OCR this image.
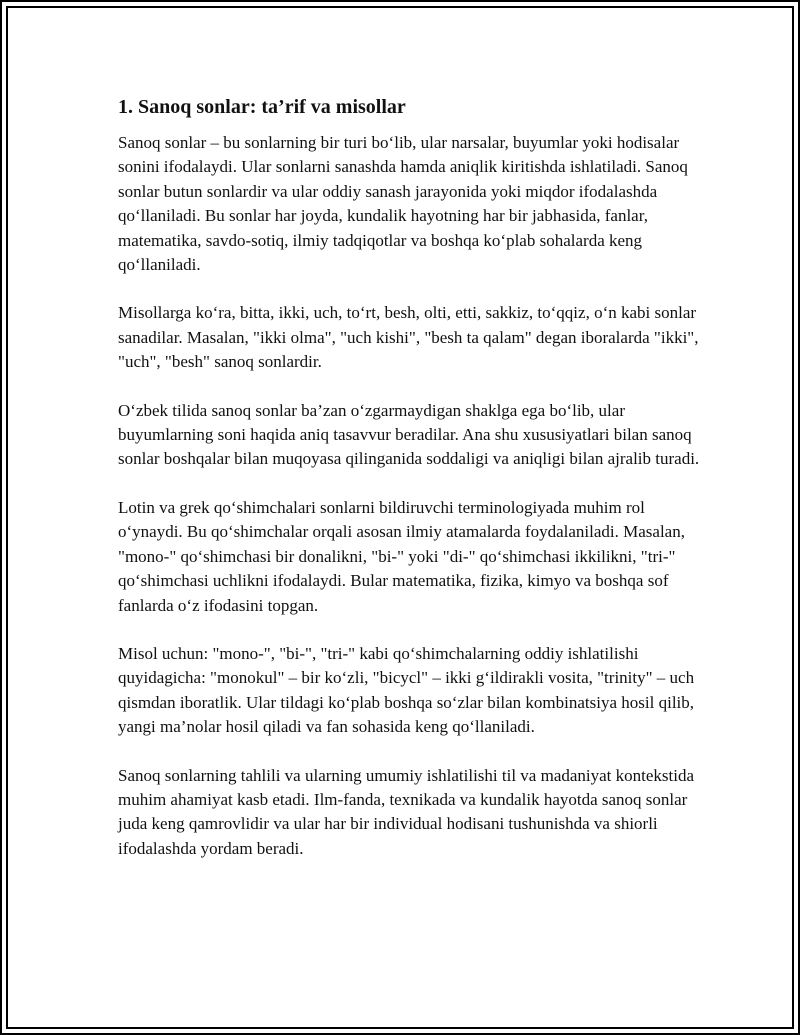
1. Sanoq sonlar: ta’rif va misollar

Sanoq sonlar – bu sonlarning bir turi bo‘lib, ular narsalar, buyumlar yoki hodisalar sonini ifodalaydi. Ular sonlarni sanashda hamda aniqlik kiritishda ishlatiladi. Sanoq sonlar butun sonlardir va ular oddiy sanash jarayonida yoki miqdor ifodalashda qo‘llaniladi. Bu sonlar har joyda, kundalik hayotning har bir jabhasida, fanlar, matematika, savdo-sotiq, ilmiy tadqiqotlar va boshqa ko‘plab sohalarda keng qo‘llaniladi.

Misollarga ko‘ra, bitta, ikki, uch, to‘rt, besh, olti, etti, sakkiz, to‘qqiz, o‘n kabi sonlar sanadilar. Masalan, "ikki olma", "uch kishi", "besh ta qalam" degan iboralarda "ikki", "uch", "besh" sanoq sonlardir.

O‘zbek tilida sanoq sonlar ba’zan o‘zgarmaydigan shaklga ega bo‘lib, ular buyumlarning soni haqida aniq tasavvur beradilar. Ana shu xususiyatlari bilan sanoq sonlar boshqalar bilan muqoyasa qilinganida soddaligi va aniqligi bilan ajralib turadi.

Lotin va grek qo‘shimchalari sonlarni bildiruvchi terminologiyada muhim rol o‘ynaydi. Bu qo‘shimchalar orqali asosan ilmiy atamalarda foydalaniladi. Masalan, "mono-" qo‘shimchasi bir donalikni, "bi-" yoki "di-" qo‘shimchasi ikkilikni, "tri-" qo‘shimchasi uchlikni ifodalaydi. Bular matematika, fizika, kimyo va boshqa sof fanlarda o‘z ifodasini topgan.

Misol uchun: "mono-", "bi-", "tri-" kabi qo‘shimchalarning oddiy ishlatilishi quyidagicha: "monokul" – bir ko‘zli, "bicycl" – ikki g‘ildirakli vosita, "trinity" – uch qismdan iboratlik. Ular tildagi ko‘plab boshqa so‘zlar bilan kombinatsiya hosil qilib, yangi ma’nolar hosil qiladi va fan sohasida keng qo‘llaniladi.

Sanoq sonlarning tahlili va ularning umumiy ishlatilishi til va madaniyat kontekstida muhim ahamiyat kasb etadi. Ilm-fanda, texnikada va kundalik hayotda sanoq sonlar juda keng qamrovlidir va ular har bir individual hodisani tushunishda va shiorli ifodalashda yordam beradi.
